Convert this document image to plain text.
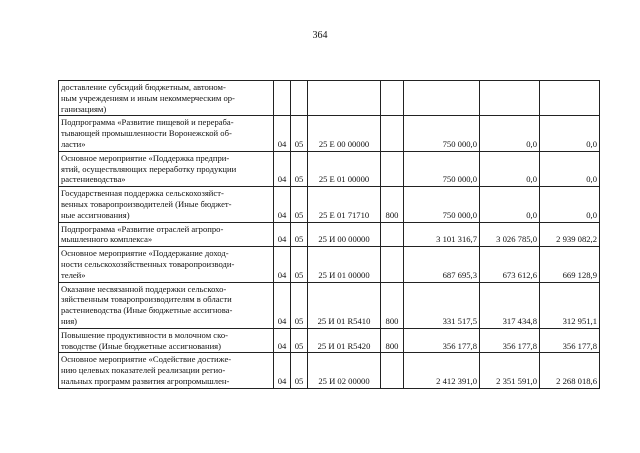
364
доставление субсидий бюджетным, автоном-
ным учреждениям и иным некоммерческим ор-
ганизациям)							
Подпрограмма «Развитие пищевой и перераба-
тывающей промышленности Воронежской об-
ласти»	04	05	25 Е 00 00000		750 000,0	0,0	0,0
Основное мероприятие «Поддержка предпри-
ятий, осуществляющих переработку продукции
растениеводства»	04	05	25 Е 01 00000		750 000,0	0,0	0,0
Государственная поддержка сельскохозяйст-
венных товаропроизводителей (Иные бюджет-
ные ассигнования)	04	05	25 Е 01 71710	800	750 000,0	0,0	0,0
Подпрограмма «Развитие отраслей агропро-
мышленного комплекса»	04	05	25 И 00 00000		3 101 316,7	3 026 785,0	2 939 082,2
Основное мероприятие «Поддержание доход-
ности сельскохозяйственных товаропроизводи-
телей»	04	05	25 И 01 00000		687 695,3	673 612,6	669 128,9
Оказание несвязанной поддержки сельскохо-
зяйственным товаропроизводителям в области
растениеводства (Иные бюджетные ассигнова-
ния)	04	05	25 И 01 R5410	800	331 517,5	317 434,8	312 951,1
Повышение продуктивности в молочном ско-
товодстве (Иные бюджетные ассигнования)	04	05	25 И 01 R5420	800	356 177,8	356 177,8	356 177,8
Основное мероприятие «Содействие достиже-
нию целевых показателей реализации регио-
нальных программ развития агропромышлен-	04	05	25 И 02 00000		2 412 391,0	2 351 591,0	2 268 018,6
